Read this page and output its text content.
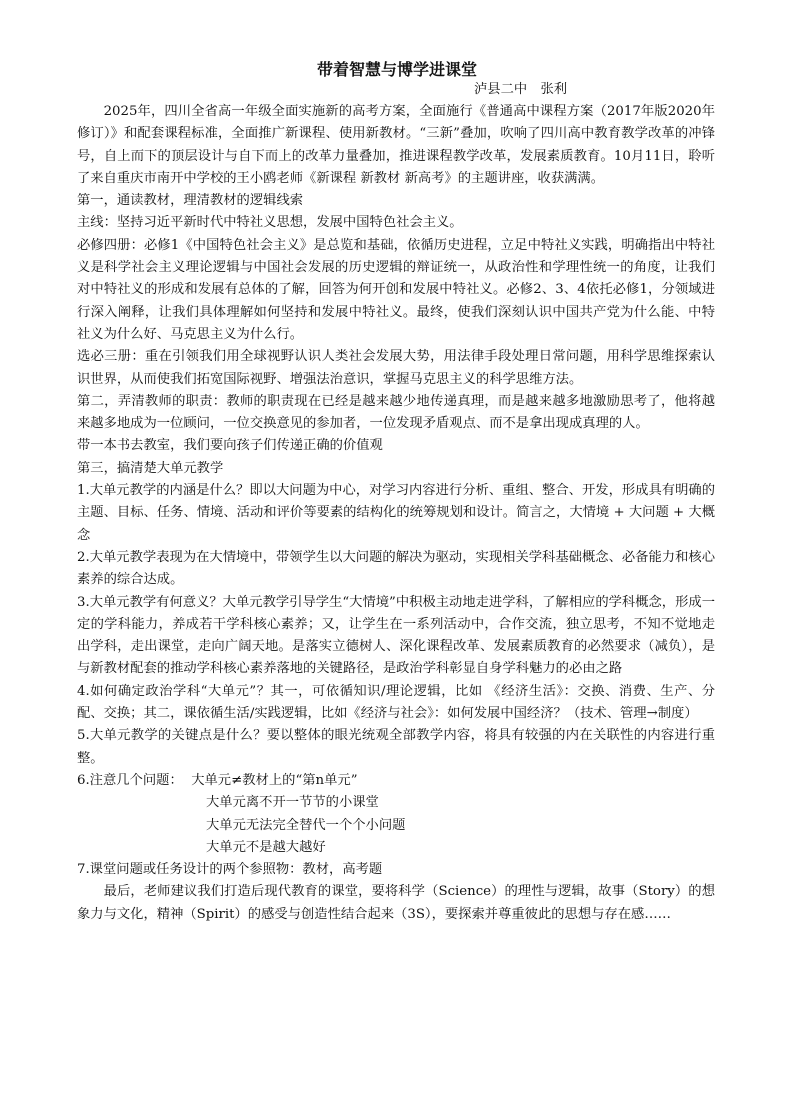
带着智慧与博学进课堂
泸县二中　张利

2025年，四川全省高一年级全面实施新的高考方案，全面施行《普通高中课程方案（2017年版2020年修订）》和配套课程标准，全面推广新课程、使用新教材。“三新”叠加，吹响了四川高中教育教学改革的冲锋号，自上而下的顶层设计与自下而上的改革力量叠加，推进课程教学改革，发展素质教育。10月11日，聆听了来自重庆市南开中学校的王小鸥老师《新课程 新教材 新高考》的主题讲座，收获满满。

第一，通读教材，理清教材的逻辑线索

主线：坚持习近平新时代中特社义思想，发展中国特色社会主义。

必修四册：必修1《中国特色社会主义》是总览和基础，依循历史进程，立足中特社义实践，明确指出中特社义是科学社会主义理论逻辑与中国社会发展的历史逻辑的辩证统一，从政治性和学理性统一的角度，让我们对中特社义的形成和发展有总体的了解，回答为何开创和发展中特社义。必修2、3、4依托必修1，分领域进行深入阐释，让我们具体理解如何坚持和发展中特社义。最终，使我们深刻认识中国共产党为什么能、中特社义为什么好、马克思主义为什么行。

选必三册：重在引领我们用全球视野认识人类社会发展大势，用法律手段处理日常问题，用科学思维探索认识世界，从而使我们拓宽国际视野、增强法治意识，掌握马克思主义的科学思维方法。

第二，弄清教师的职责：教师的职责现在已经是越来越少地传递真理，而是越来越多地激励思考了，他将越来越多地成为一位顾问，一位交换意见的参加者，一位发现矛盾观点、而不是拿出现成真理的人。

带一本书去教室，我们要向孩子们传递正确的价值观

第三，搞清楚大单元教学

1.大单元教学的内涵是什么？即以大问题为中心，对学习内容进行分析、重组、整合、开发，形成具有明确的主题、目标、任务、情境、活动和评价等要素的结构化的统筹规划和设计。简言之，大情境 + 大问题 + 大概念

2.大单元教学表现为在大情境中，带领学生以大问题的解决为驱动，实现相关学科基础概念、必备能力和核心素养的综合达成。

3.大单元教学有何意义？大单元教学引导学生“大情境”中积极主动地走进学科，了解相应的学科概念，形成一定的学科能力，养成若干学科核心素养；又，让学生在一系列活动中，合作交流，独立思考，不知不觉地走出学科，走出课堂，走向广阔天地。是落实立德树人、深化课程改革、发展素质教育的必然要求（减负），是与新教材配套的推动学科核心素养落地的关键路径，是政治学科彰显自身学科魅力的必由之路

4.如何确定政治学科“大单元”？其一，可依循知识/理论逻辑，比如 《经济生活》：交换、消费、生产、分配、交换；其二，课依循生活/实践逻辑，比如《经济与社会》：如何发展中国经济？（技术、管理→制度）

5.大单元教学的关键点是什么？要以整体的眼光统观全部教学内容，将具有较强的内在关联性的内容进行重整。

6.注意几个问题：  大单元≠教材上的“第n单元”

大单元离不开一节节的小课堂
大单元无法完全替代一个个小问题
大单元不是越大越好

7.课堂问题或任务设计的两个参照物：教材，高考题

最后，老师建议我们打造后现代教育的课堂，要将科学（Science）的理性与逻辑，故事（Story）的想象力与文化，精神（Spirit）的感受与创造性结合起来（3S），要探索并尊重彼此的思想与存在感……
